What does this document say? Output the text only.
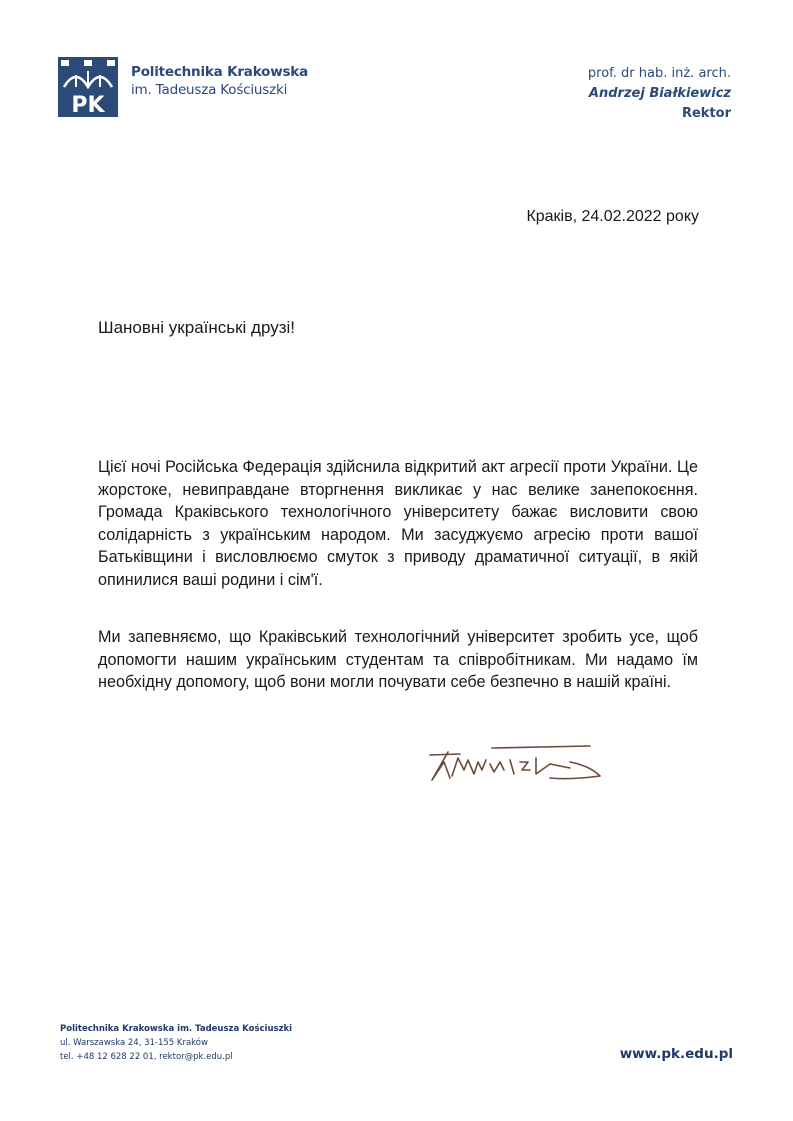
PK
Politechnika Krakowska
im. Tadeusza Kościuszki
prof. dr hab. inż. arch.
Andrzej Białkiewicz
Rektor
Краків, 24.02.2022 року
Шановні українські друзі!
Цієї ночі Російська Федерація здійснила відкритий акт агресії проти України. Це жорстоке, невиправдане вторгнення викликає у нас велике занепокоєння. Громада Краківського технологічного університету бажає висловити свою солідарність з українським народом. Ми засуджуємо агресію проти вашої Батьківщини і висловлюємо смуток з приводу драматичної ситуації, в якій опинилися ваші родини і сім'ї.
Ми запевняємо, що Краківський технологічний університет зробить усе, щоб допомогти нашим українським студентам та співробітникам. Ми надамо їм необхідну допомогу, щоб вони могли почувати себе безпечно в нашій країні.
Politechnika Krakowska im. Tadeusza Kościuszki
ul. Warszawska 24, 31-155 Kraków
tel. +48 12 628 22 01, rektor@pk.edu.pl	www.pk.edu.pl
